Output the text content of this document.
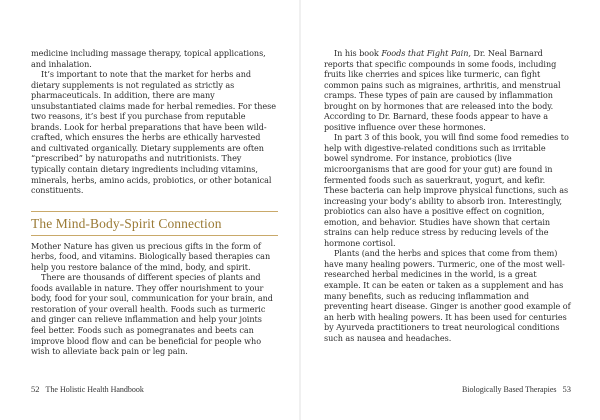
medicine including massage therapy, topical applications, and inhalation.

It’s important to note that the market for herbs and dietary supplements is not regulated as strictly as pharmaceuticals. In addition, there are many unsubstantiated claims made for herbal remedies. For these two reasons, it’s best if you purchase from reputable brands. Look for herbal preparations that have been wild-crafted, which ensures the herbs are ethically harvested and cultivated organically. Dietary supplements are often “prescribed” by naturopaths and nutritionists. They typically contain dietary ingredients including vitamins, minerals, herbs, amino acids, probiotics, or other botanical constituents.

The Mind-Body-Spirit Connection

Mother Nature has given us precious gifts in the form of herbs, food, and vitamins. Biologically based therapies can help you restore balance of the mind, body, and spirit.

There are thousands of different species of plants and foods available in nature. They offer nourishment to your body, food for your soul, communication for your brain, and restoration of your overall health. Foods such as turmeric and ginger can relieve inflammation and help your joints feel better. Foods such as pomegranates and beets can improve blood flow and can be beneficial for people who wish to alleviate back pain or leg pain.

52 The Holistic Health Handbook

In his book Foods that Fight Pain, Dr. Neal Barnard reports that specific compounds in some foods, including fruits like cherries and spices like turmeric, can fight common pains such as migraines, arthritis, and menstrual cramps. These types of pain are caused by inflammation brought on by hormones that are released into the body. According to Dr. Barnard, these foods appear to have a positive influence over these hormones.

In part 3 of this book, you will find some food remedies to help with digestive-related conditions such as irritable bowel syndrome. For instance, probiotics (live microorganisms that are good for your gut) are found in fermented foods such as sauerkraut, yogurt, and kefir. These bacteria can help improve physical functions, such as increasing your body’s ability to absorb iron. Interestingly, probiotics can also have a positive effect on cognition, emotion, and behavior. Studies have shown that certain strains can help reduce stress by reducing levels of the hormone cortisol.

Plants (and the herbs and spices that come from them) have many healing powers. Turmeric, one of the most well-researched herbal medicines in the world, is a great example. It can be eaten or taken as a supplement and has many benefits, such as reducing inflammation and preventing heart disease. Ginger is another good example of an herb with healing powers. It has been used for centuries by Ayurveda practitioners to treat neurological conditions such as nausea and headaches.

Biologically Based Therapies 53
